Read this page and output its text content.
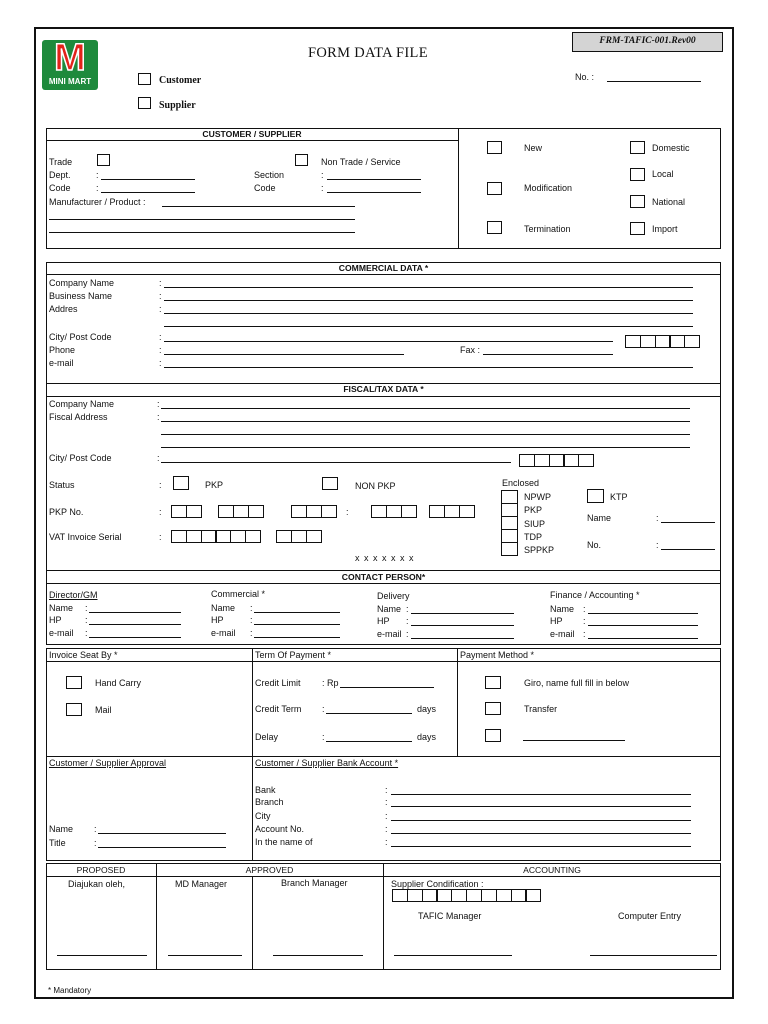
M
MINI MART
FORM DATA FILE
FRM-TAFIC-001.Rev00
No. :
Customer
Supplier
CUSTOMER / SUPPLIER
Trade	Non Trade / Service
Dept.	:	Section	:
Code	:	Code	:
Manufacturer / Product :
New
Modification
Termination
Domestic
Local
National
Import
COMMERCIAL DATA *
Company Name	:
Business Name	:
Addres	:
City/ Post Code	:
Phone	:	Fax :
e-mail	:
FISCAL/TAX DATA *
Company Name	:
Fiscal Address	:
City/ Post Code	:
Status	:	PKP	NON PKP
PKP No.	:	:
VAT Invoice Serial	:
x x x x x x x
Enclosed
NPWP
PKP
SIUP
TDP
SPPKP
KTP
Name	:
No.	:
CONTACT PERSON*
Director/GM
Name :
HP	:
e-mail :
Commercial *
Name :
HP	:
e-mail :
Delivery
Name :
HP :
e-mail :
Finance / Accounting *
Name :
HP :
e-mail :
Invoice Seat By *
Hand Carry
Mail
Term Of Payment *
Credit Limit : Rp
Credit Term :	days
Delay	:	days
Payment Method *
Giro, name full fill in below
Transfer
Customer / Supplier Approval
Name :
Title	:
Customer / Supplier Bank Account *
Bank	:
Branch	:
City	:
Account No.	:
In the name of	:
PROPOSED	APPROVED	ACCOUNTING
Diajukan oleh,	MD Manager	Branch Manager	Supplier Condification :
TAFIC Manager	Computer Entry
* Mandatory
